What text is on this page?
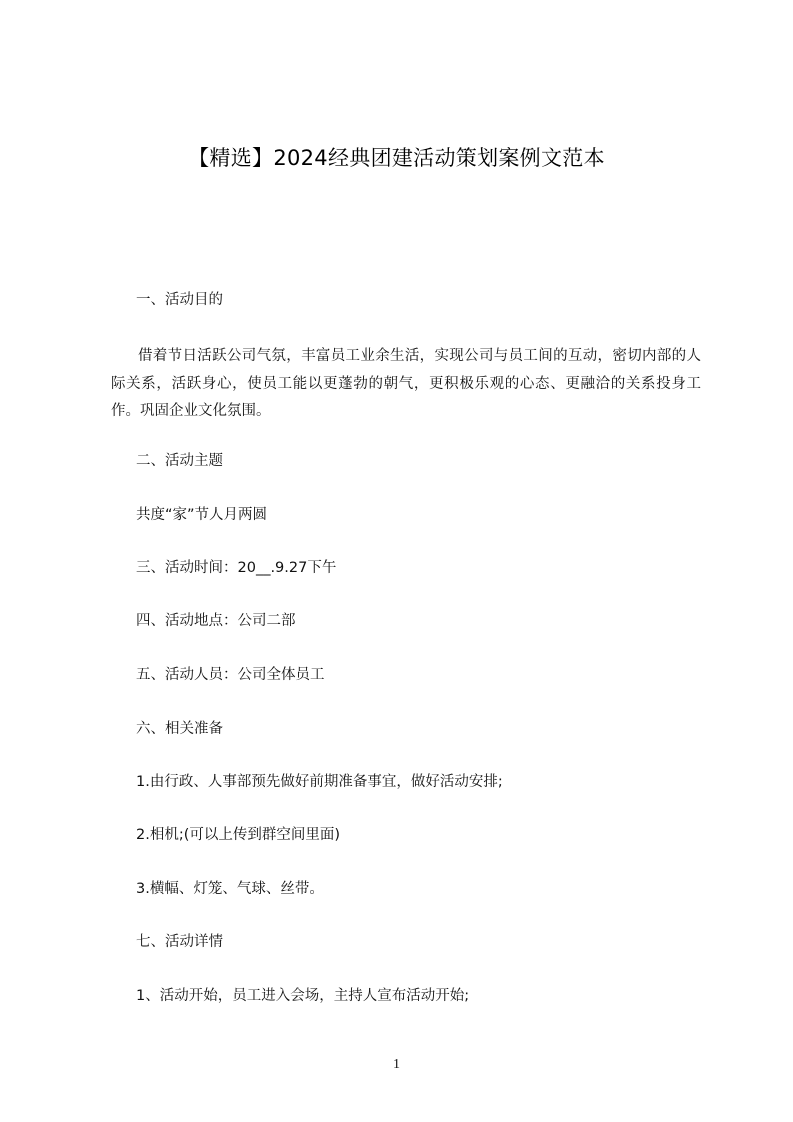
【精选】2024经典团建活动策划案例文范本
一、活动目的
借着节日活跃公司气氛，丰富员工业余生活，实现公司与员工间的互动，密切内部的人际关系，活跃身心，使员工能以更蓬勃的朝气，更积极乐观的心态、更融洽的关系投身工作。巩固企业文化氛围。
二、活动主题
共度“家”节人月两圆
三、活动时间：20__.9.27下午
四、活动地点：公司二部
五、活动人员：公司全体员工
六、相关准备
1.由行政、人事部预先做好前期准备事宜，做好活动安排;
2.相机;(可以上传到群空间里面)
3.横幅、灯笼、气球、丝带。
七、活动详情
1、活动开始，员工进入会场，主持人宣布活动开始;
1
